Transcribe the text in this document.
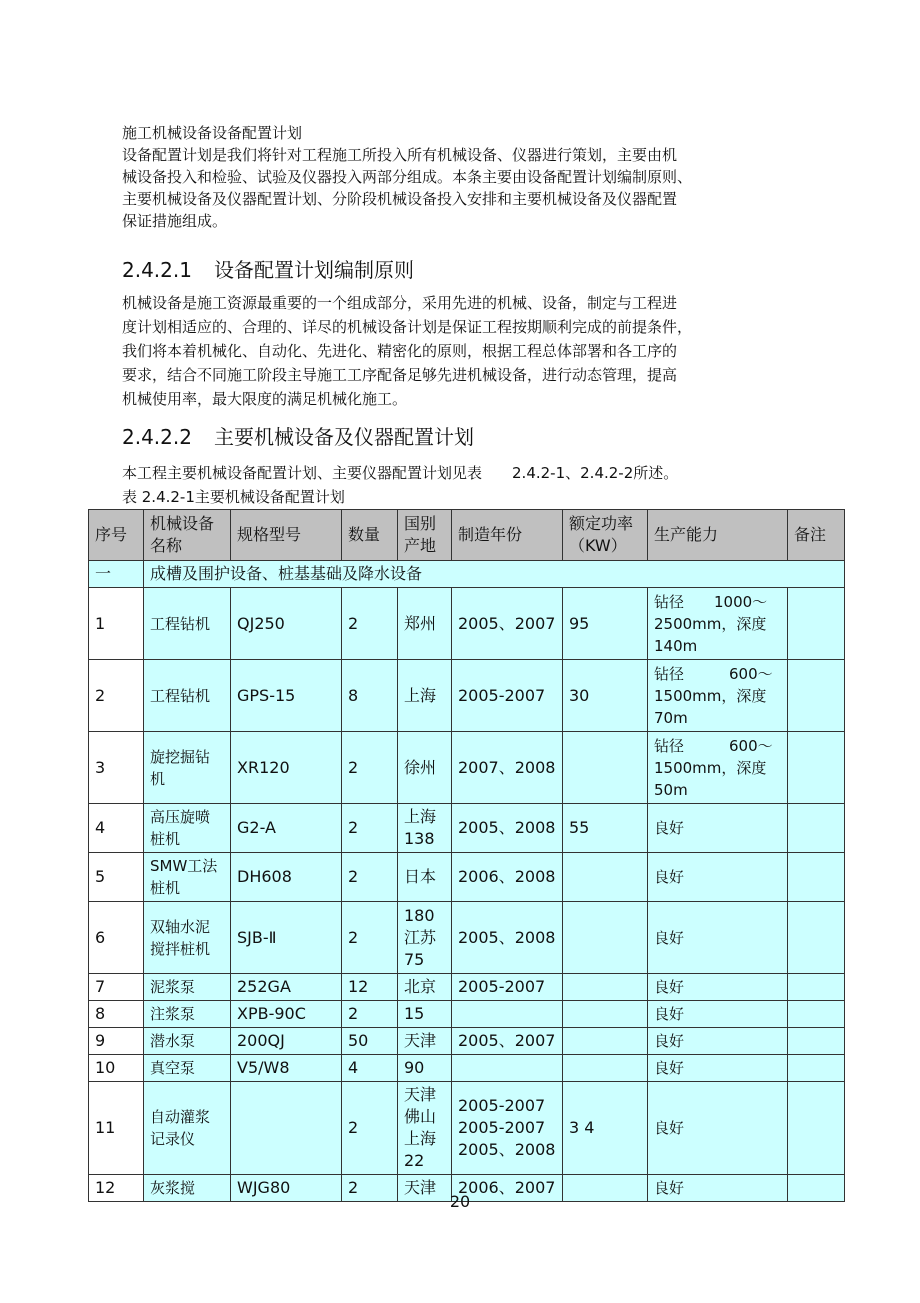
施工机械设备设备配置计划

设备配置计划是我们将针对工程施工所投入所有机械设备、仪器进行策划，主要由机

械设备投入和检验、试验及仪器投入两部分组成。本条主要由设备配置计划编制原则、

主要机械设备及仪器配置计划、分阶段机械设备投入安排和主要机械设备及仪器配置

保证措施组成。

2.4.2.1 设备配置计划编制原则

机械设备是施工资源最重要的一个组成部分，采用先进的机械、设备，制定与工程进

度计划相适应的、合理的、详尽的机械设备计划是保证工程按期顺利完成的前提条件，

我们将本着机械化、自动化、先进化、精密化的原则，根据工程总体部署和各工序的

要求，结合不同施工阶段主导施工工序配备足够先进机械设备，进行动态管理，提高

机械使用率，最大限度的满足机械化施工。

2.4.2.2 主要机械设备及仪器配置计划
本工程主要机械设备配置计划、主要仪器配置计划见表 2.4.2-1、2.4.2-2所述。
表 2.4.2-1主要机械设备配置计划
序号	机械设备名称	规格型号	数量	国别产地	制造年份	额定功率（KW）	生产能力	备注
一	成槽及围护设备、桩基基础及降水设备							
1	工程钻机	QJ250	2	郑州	2005、2007	95	钻径　　1000～2500mm，深度140m	
2	工程钻机	GPS-15	8	上海	2005-2007	30	钻径　　　600～1500mm，深度70m	
3	旋挖掘钻机	XR120	2	徐州	2007、2008		钻径　　　600～1500mm，深度50m	
4	高压旋喷桩机	G2-A	2	上海 138	2005、2008	55	良好	
5	SMW工法桩机	DH608	2	日本	2006、2008		良好	
6	双轴水泥搅拌桩机	SJB-Ⅱ	2	180 江苏 75	2005、2008		良好	
7	泥浆泵	252GA	12	北京	2005-2007		良好	
8	注浆泵	XPB-90C	2	15			良好	
9	潜水泵	200QJ	50	天津	2005、2007		良好	
10	真空泵	V5/W8	4	90			良好	
11	自动灌浆记录仪		2	天津 佛山 上海 22	2005-2007 2005-2007 2005、2008	3 4	良好	
12	灰浆搅	WJG80	2	天津	2006、2007		良好	
20
